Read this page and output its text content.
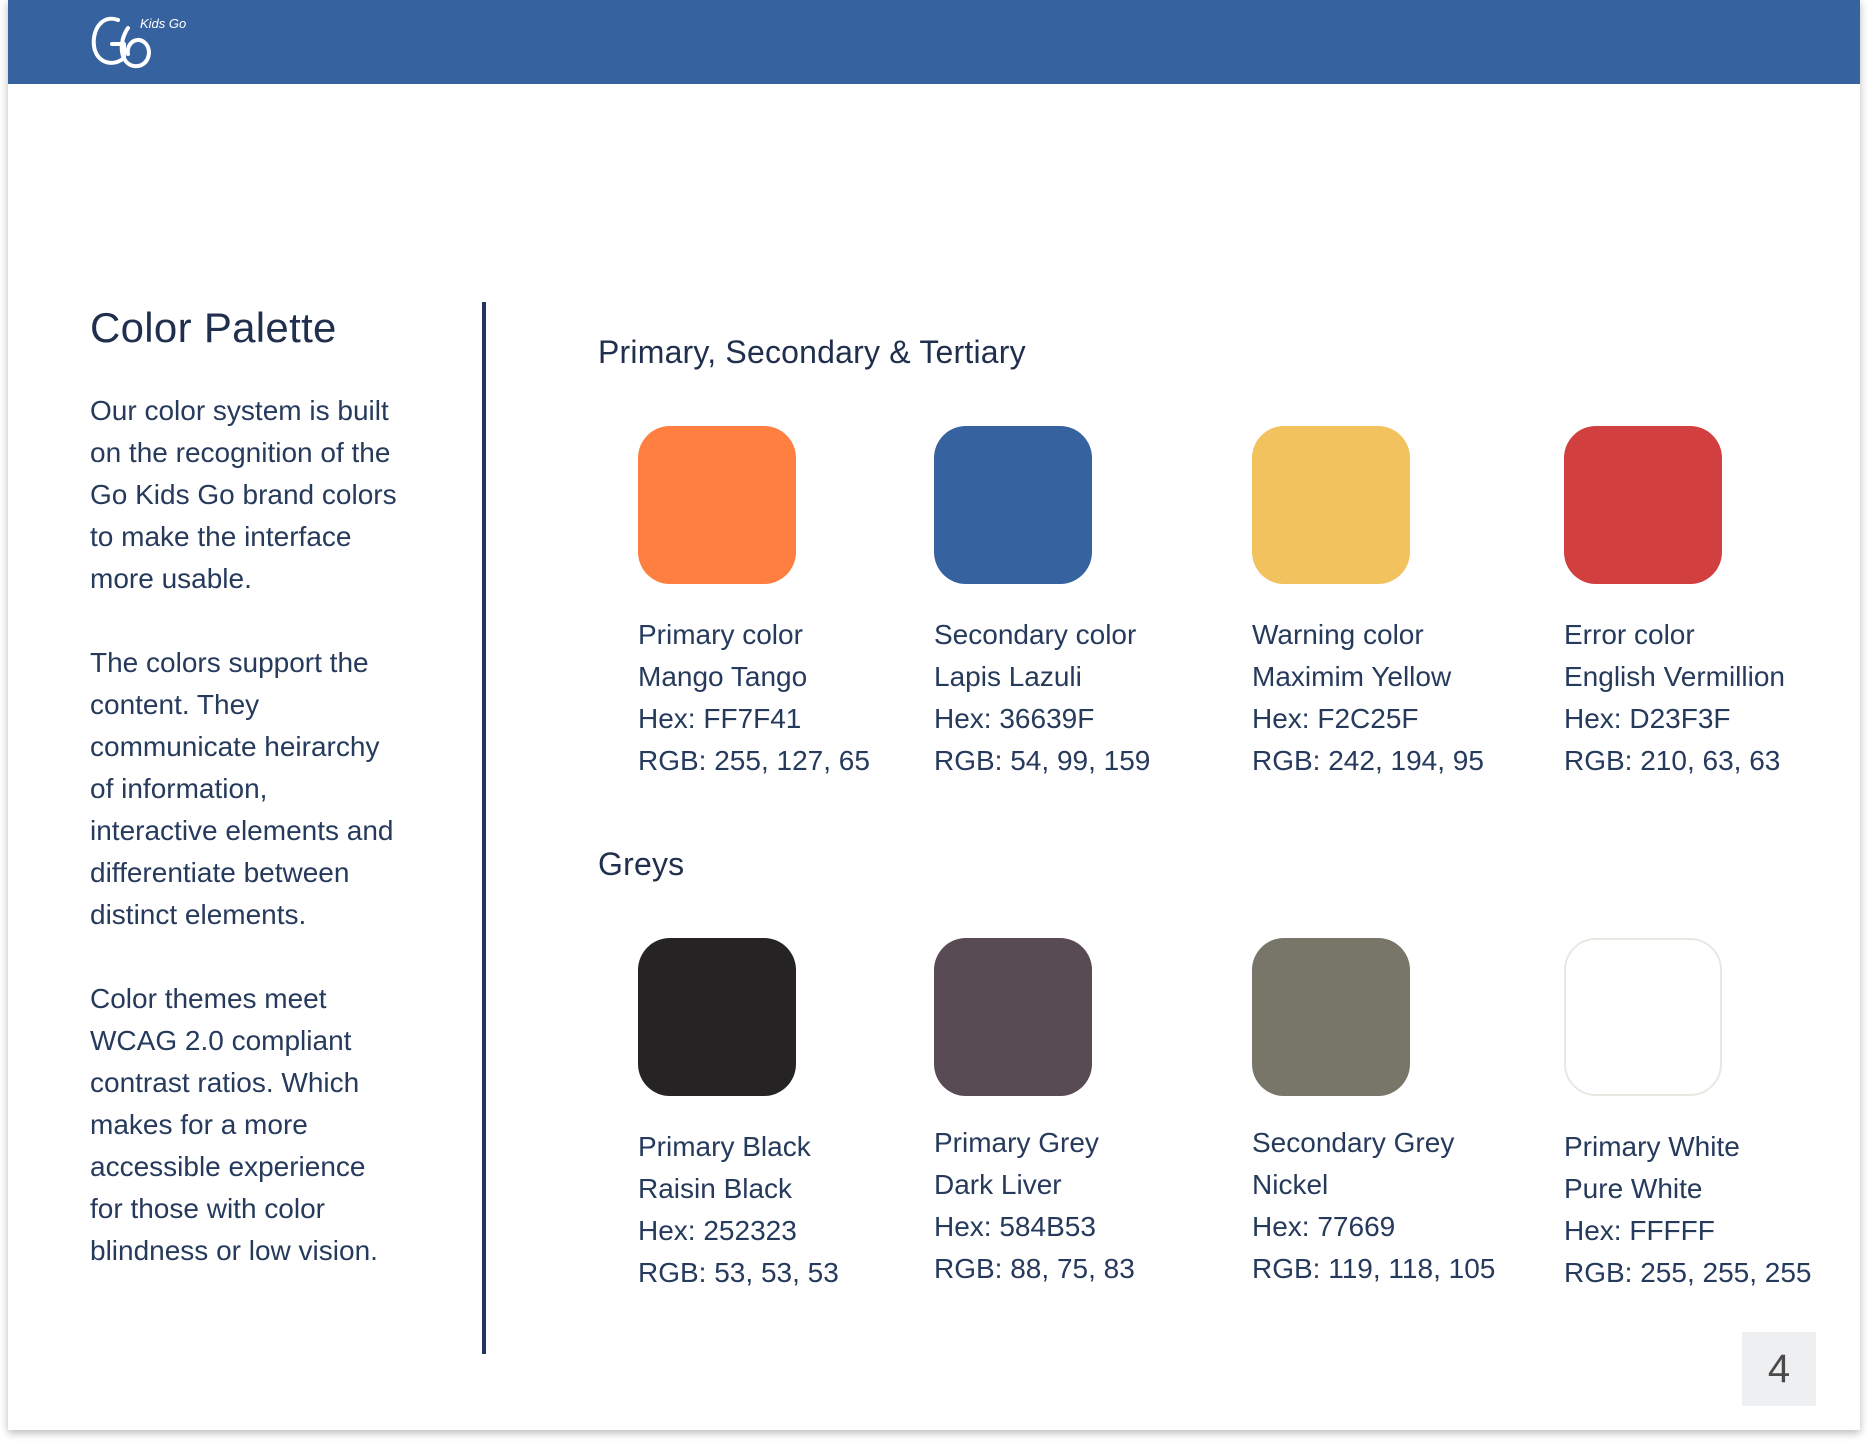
Kids Go
Color Palette

Our color system is built
on the recognition of the
Go Kids Go brand colors
to make the interface
more usable.

The colors support the
content. They
communicate heirarchy
of information,
interactive elements and
differentiate between
distinct elements.

Color themes meet
WCAG 2.0 compliant
contrast ratios. Which
makes for a more
accessible experience
for those with color
blindness or low vision.

Primary, Secondary & Tertiary
Primary color
Mango Tango
Hex: FF7F41
RGB: 255, 127, 65
Secondary color
Lapis Lazuli
Hex: 36639F
RGB: 54, 99, 159
Warning color
Maximim Yellow
Hex: F2C25F
RGB: 242, 194, 95
Error color
English Vermillion
Hex: D23F3F
RGB: 210, 63, 63
Greys
Primary Black
Raisin Black
Hex: 252323
RGB: 53, 53, 53
Primary Grey
Dark Liver
Hex: 584B53
RGB: 88, 75, 83
Secondary Grey
Nickel
Hex: 77669
RGB: 119, 118, 105
Primary White
Pure White
Hex: FFFFF
RGB: 255, 255, 255
4
